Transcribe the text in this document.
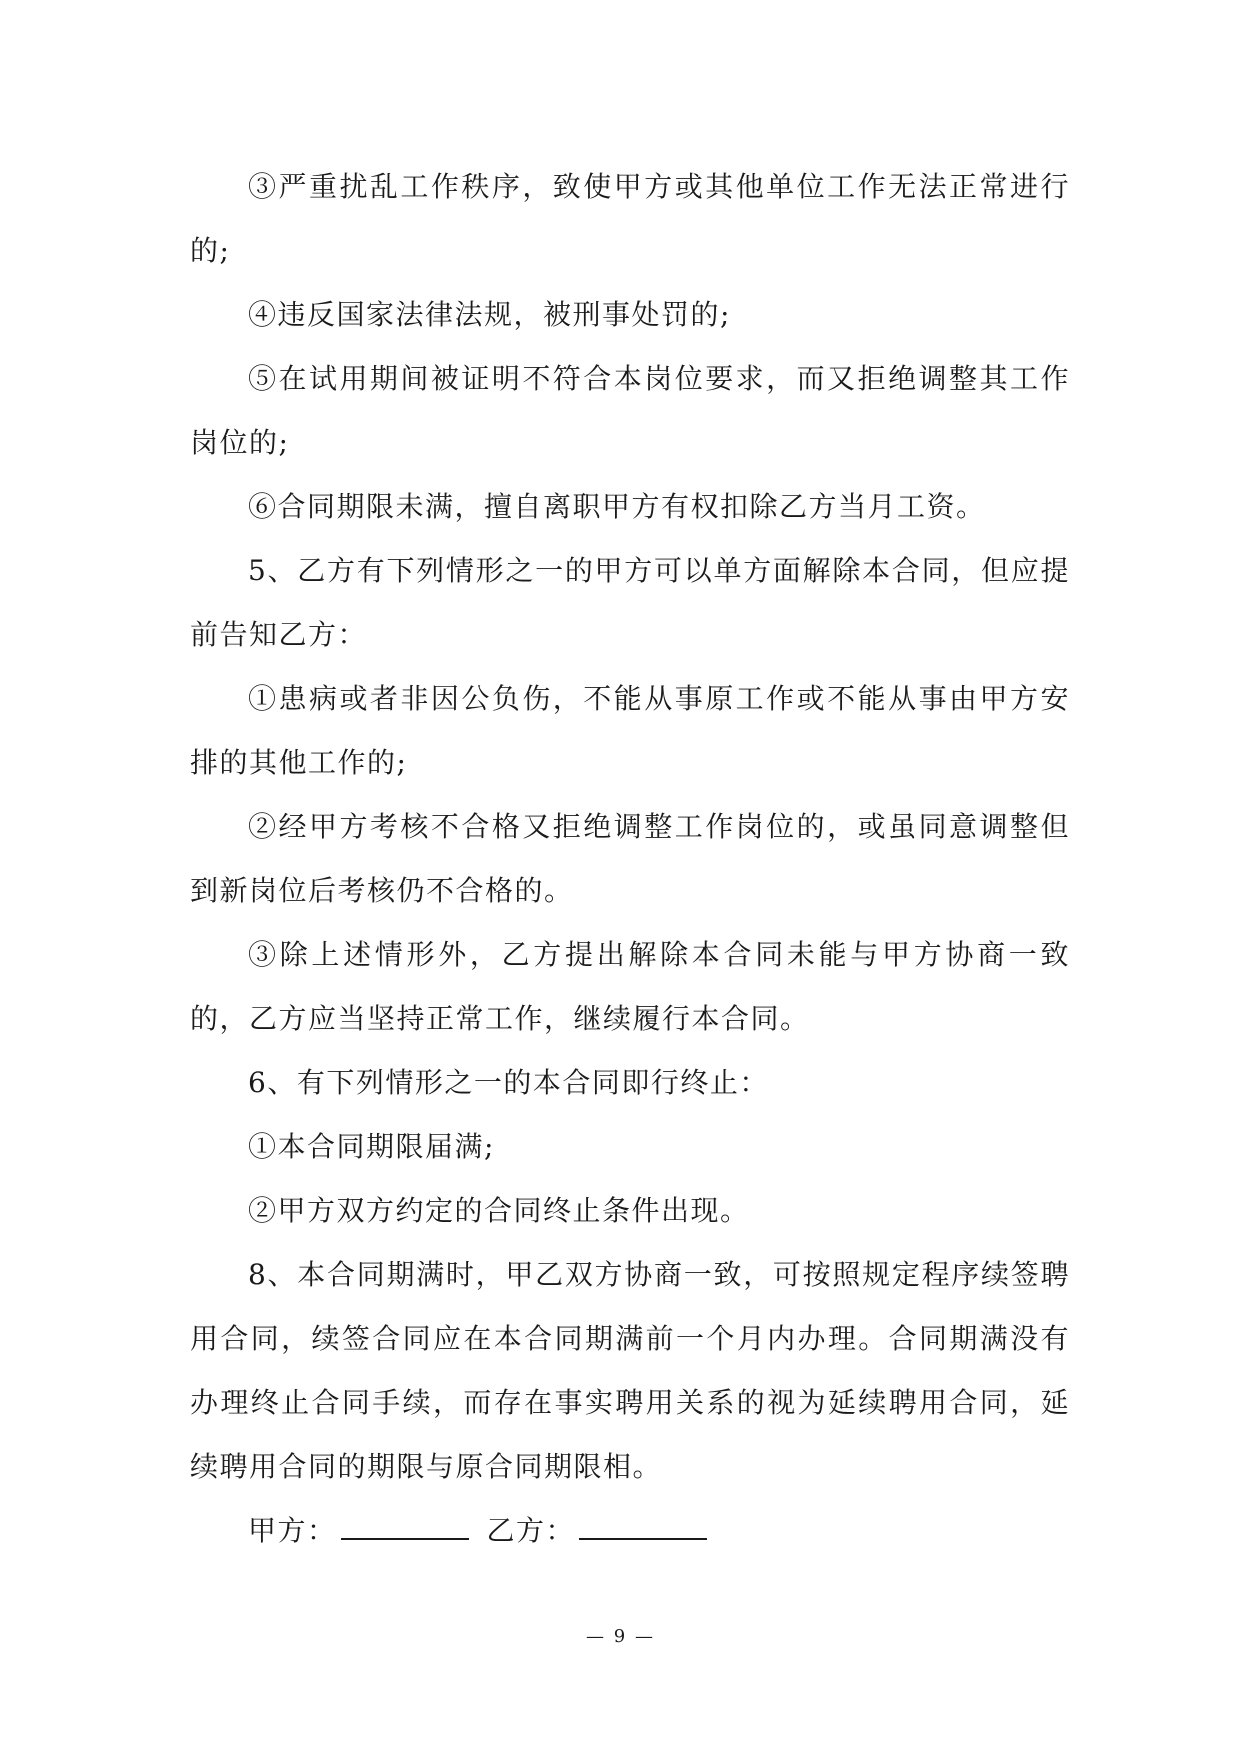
③严重扰乱工作秩序，致使甲方或其他单位工作无法正常进行的;

④违反国家法律法规，被刑事处罚的;

⑤在试用期间被证明不符合本岗位要求，而又拒绝调整其工作岗位的;

⑥合同期限未满，擅自离职甲方有权扣除乙方当月工资。

5、乙方有下列情形之一的甲方可以单方面解除本合同，但应提前告知乙方：

①患病或者非因公负伤，不能从事原工作或不能从事由甲方安排的其他工作的;

②经甲方考核不合格又拒绝调整工作岗位的，或虽同意调整但到新岗位后考核仍不合格的。

③除上述情形外，乙方提出解除本合同未能与甲方协商一致的，乙方应当坚持正常工作，继续履行本合同。

6、有下列情形之一的本合同即行终止：

①本合同期限届满;

②甲方双方约定的合同终止条件出现。

8、本合同期满时，甲乙双方协商一致，可按照规定程序续签聘用合同，续签合同应在本合同期满前一个月内办理。合同期满没有办理终止合同手续，而存在事实聘用关系的视为延续聘用合同，延续聘用合同的期限与原合同期限相。

甲方：	乙方：

— 9 —
